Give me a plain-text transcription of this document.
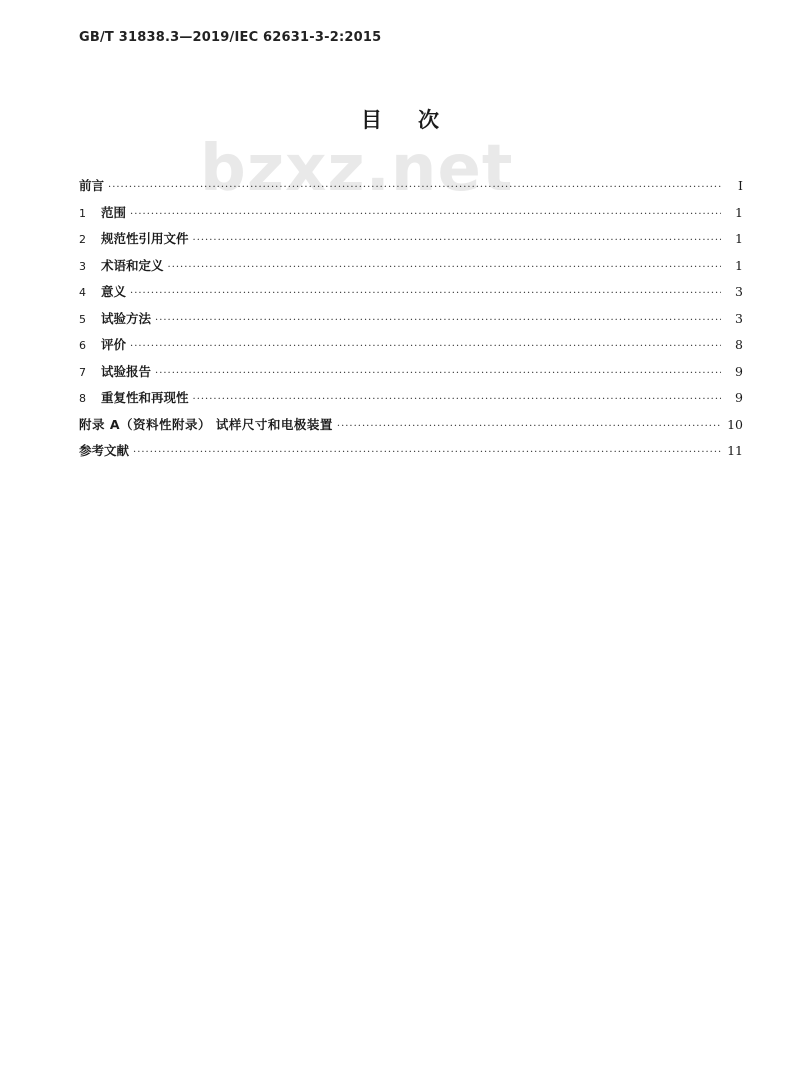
GB/T 31838.3—2019/IEC 62631-3-2:2015
目次
bzxz.net
前言 ·····	I
1	范围 ·····	1
2	规范性引用文件 ·····	1
3	术语和定义 ·····	1
4	意义 ·····	3
5	试验方法 ·····	3
6	评价 ·····	8
7	试验报告 ·····	9
8	重复性和再现性 ·····	9
附录 A（资料性附录） 试样尺寸和电极装置 ·····	10
参考文献 ·····	11
